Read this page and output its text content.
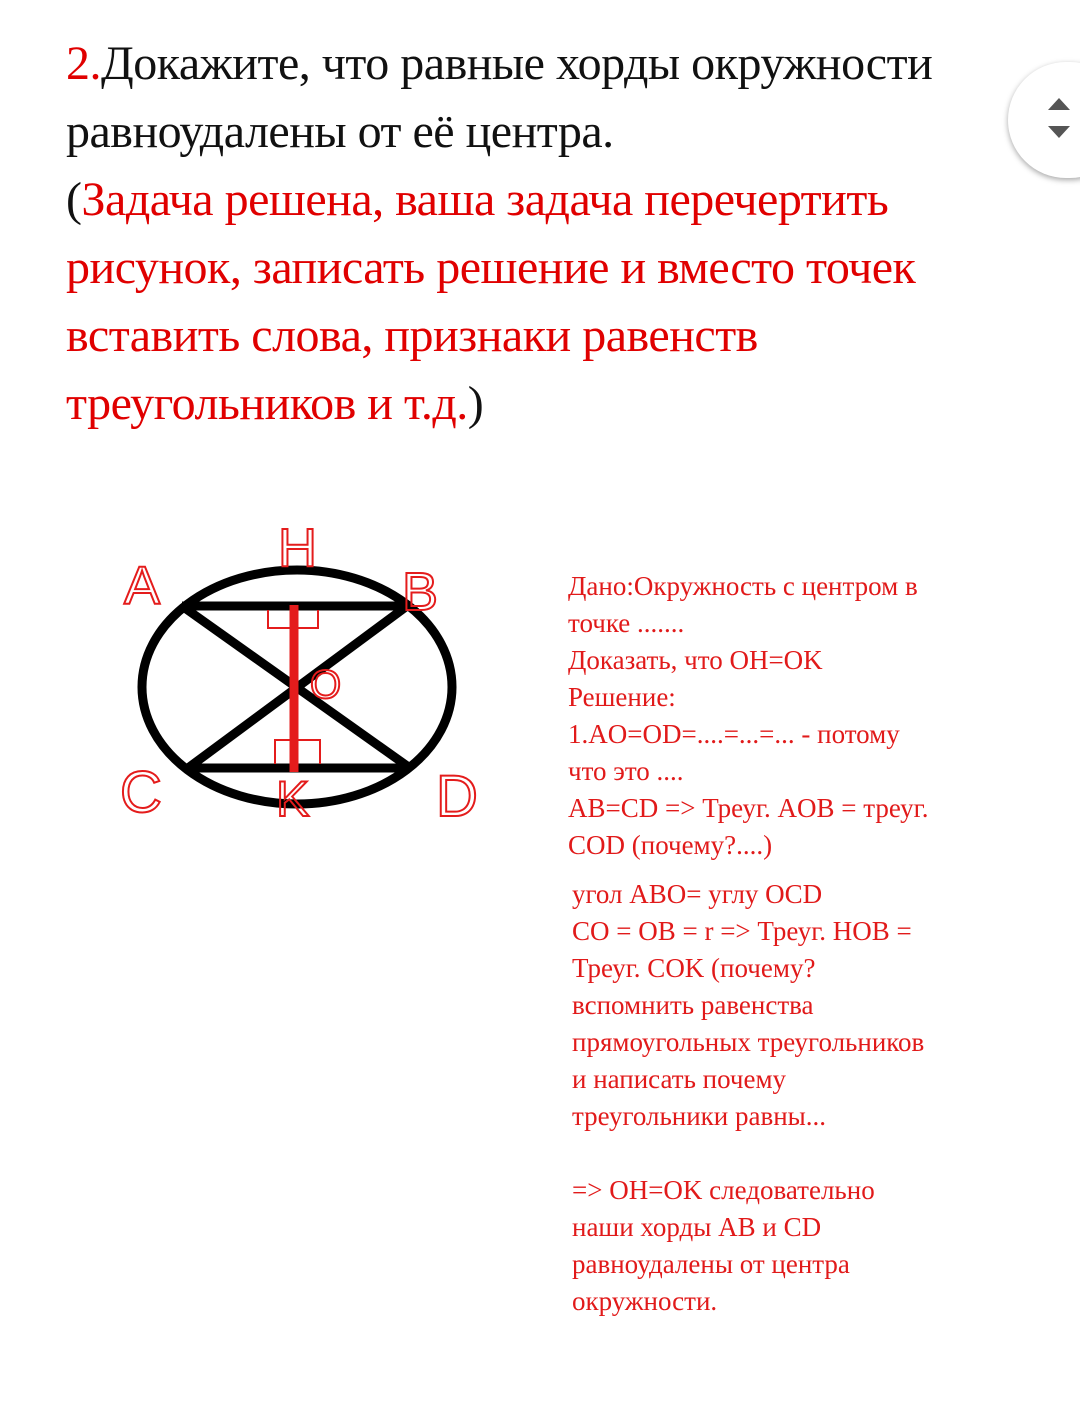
2.Докажите, что равные хорды окружности равноудалены от её центра.
(Задача решена, ваша задача перечертить рисунок, записать решение и вместо точек вставить слова, признаки равенств треугольников и т.д.)
A
H
B
O
C K D
Дано:Окружность с центром в
точке .......
Доказать, что OH=OK
Решение:
1.AO=OD=....=...=... - потому
что это ....
AB=CD => Треуг. AOB = треуг.
COD (почему?....)
угол ABO= углу OCD
CO = OB = r => Треуг. HOB =
Треуг. COK (почему?
вспомнить равенства
прямоугольных треугольников
и написать почему
треугольники равны...
=> OH=OK следовательно
наши хорды AB и CD
равноудалены от центра
окружности.
